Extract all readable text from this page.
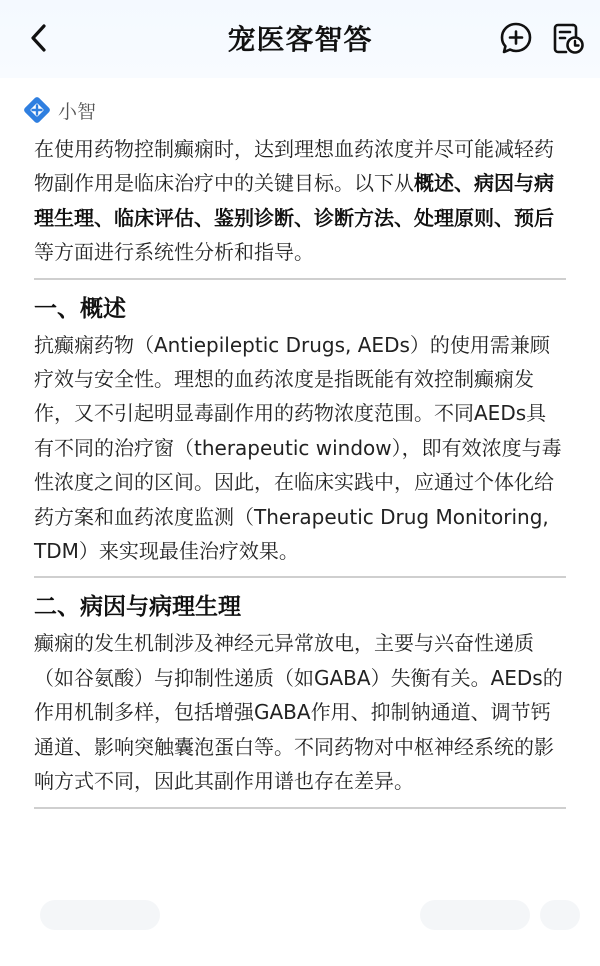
宠医客智答
小智

在使用药物控制癫痫时，达到理想血药浓度并尽可能减轻药物副作用是临床治疗中的关键目标。以下从概述、病因与病理生理、临床评估、鉴别诊断、诊断方法、处理原则、预后等方面进行系统性分析和指导。

一、概述

抗癫痫药物（Antiepileptic Drugs, AEDs）的使用需兼顾疗效与安全性。理想的血药浓度是指既能有效控制癫痫发作，又不引起明显毒副作用的药物浓度范围。不同AEDs具有不同的治疗窗（therapeutic window），即有效浓度与毒性浓度之间的区间。因此，在临床实践中，应通过个体化给药方案和血药浓度监测（Therapeutic Drug Monitoring, TDM）来实现最佳治疗效果。

二、病因与病理生理

癫痫的发生机制涉及神经元异常放电，主要与兴奋性递质（如谷氨酸）与抑制性递质（如GABA）失衡有关。AEDs的作用机制多样，包括增强GABA作用、抑制钠通道、调节钙通道、影响突触囊泡蛋白等。不同药物对中枢神经系统的影响方式不同，因此其副作用谱也存在差异。
